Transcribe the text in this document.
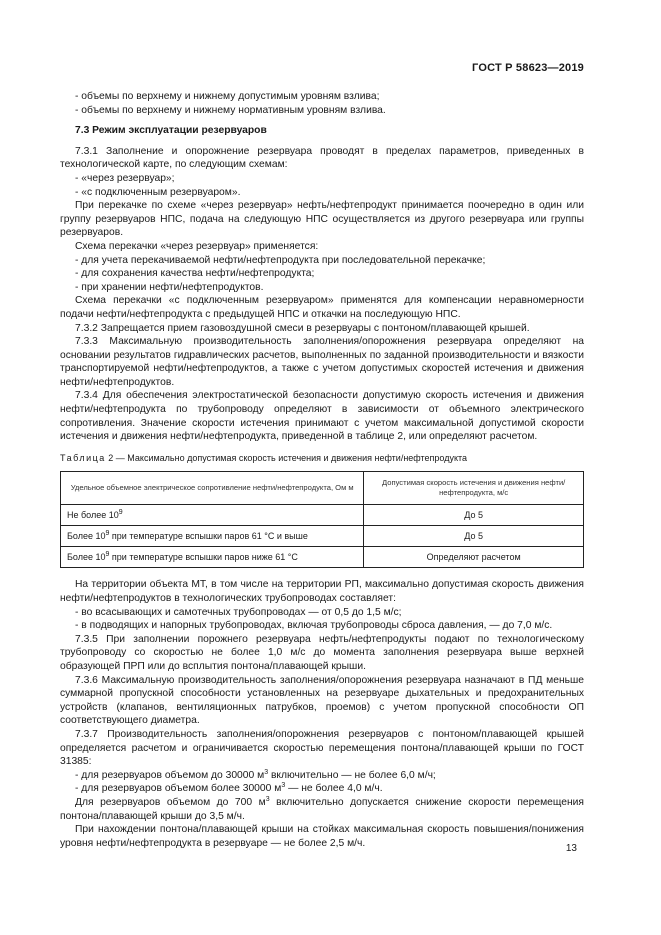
ГОСТ Р 58623—2019

- объемы по верхнему и нижнему допустимым уровням взлива;

- объемы по верхнему и нижнему нормативным уровням взлива.

7.3 Режим эксплуатации резервуаров

7.3.1 Заполнение и опорожнение резервуара проводят в пределах параметров, приведенных в технологической карте, по следующим схемам:

- «через резервуар»;

- «с подключенным резервуаром».

При перекачке по схеме «через резервуар» нефть/нефтепродукт принимается поочередно в один или группу резервуаров НПС, подача на следующую НПС осуществляется из другого резервуара или группы резервуаров.

Схема перекачки «через резервуар» применяется:

- для учета перекачиваемой нефти/нефтепродукта при последовательной перекачке;

- для сохранения качества нефти/нефтепродукта;

- при хранении нефти/нефтепродуктов.

Схема перекачки «с подключенным резервуаром» применятся для компенсации неравномерности подачи нефти/нефтепродукта с предыдущей НПС и откачки на последующую НПС.

7.3.2 Запрещается прием газовоздушной смеси в резервуары с понтоном/плавающей крышей.

7.3.3 Максимальную производительность заполнения/опорожнения резервуара определяют на основании результатов гидравлических расчетов, выполненных по заданной производительности и вязкости транспортируемой нефти/нефтепродуктов, а также с учетом допустимых скоростей истечения и движения нефти/нефтепродуктов.

7.3.4 Для обеспечения электростатической безопасности допустимую скорость истечения и движения нефти/нефтепродукта по трубопроводу определяют в зависимости от объемного электрического сопротивления. Значение скорости истечения принимают с учетом максимальной допустимой скорости истечения и движения нефти/нефтепродукта, приведенной в таблице 2, или определяют расчетом.

Таблица 2 — Максимально допустимая скорость истечения и движения нефти/нефтепродукта

Удельное объемное электрическое сопротивление нефти/нефтепродукта, Ом м	Допустимая скорость истечения и движения нефти/нефтепродукта, м/с
Не более $10^9$	До 5
Более $10^9$ при температуре вспышки паров 61 °С и выше	До 5
Более $10^9$ при температуре вспышки паров ниже 61 °С	Определяют расчетом

На территории объекта МТ, в том числе на территории РП, максимально допустимая скорость движения нефти/нефтепродуктов в технологических трубопроводах составляет:

- во всасывающих и самотечных трубопроводах — от 0,5 до 1,5 м/с;

- в подводящих и напорных трубопроводах, включая трубопроводы сброса давления, — до 7,0 м/с.

7.3.5 При заполнении порожнего резервуара нефть/нефтепродукты подают по технологическому трубопроводу со скоростью не более 1,0 м/с до момента заполнения резервуара выше верхней образующей ПРП или до всплытия понтона/плавающей крыши.

7.3.6 Максимальную производительность заполнения/опорожнения резервуара назначают в ПД меньше суммарной пропускной способности установленных на резервуаре дыхательных и предохранительных устройств (клапанов, вентиляционных патрубков, проемов) с учетом пропускной способности ОП соответствующего диаметра.

7.3.7 Производительность заполнения/опорожнения резервуаров с понтоном/плавающей крышей определяется расчетом и ограничивается скоростью перемещения понтона/плавающей крыши по ГОСТ 31385:

- для резервуаров объемом до 30000 $м^3$ включительно — не более 6,0 м/ч;

- для резервуаров объемом более 30000 $м^3$ — не более 4,0 м/ч.

Для резервуаров объемом до 700 $м^3$ включительно допускается снижение скорости перемещения понтона/плавающей крыши до 3,5 м/ч.

При нахождении понтона/плавающей крыши на стойках максимальная скорость повышения/понижения уровня нефти/нефтепродукта в резервуаре — не более 2,5 м/ч.

13
